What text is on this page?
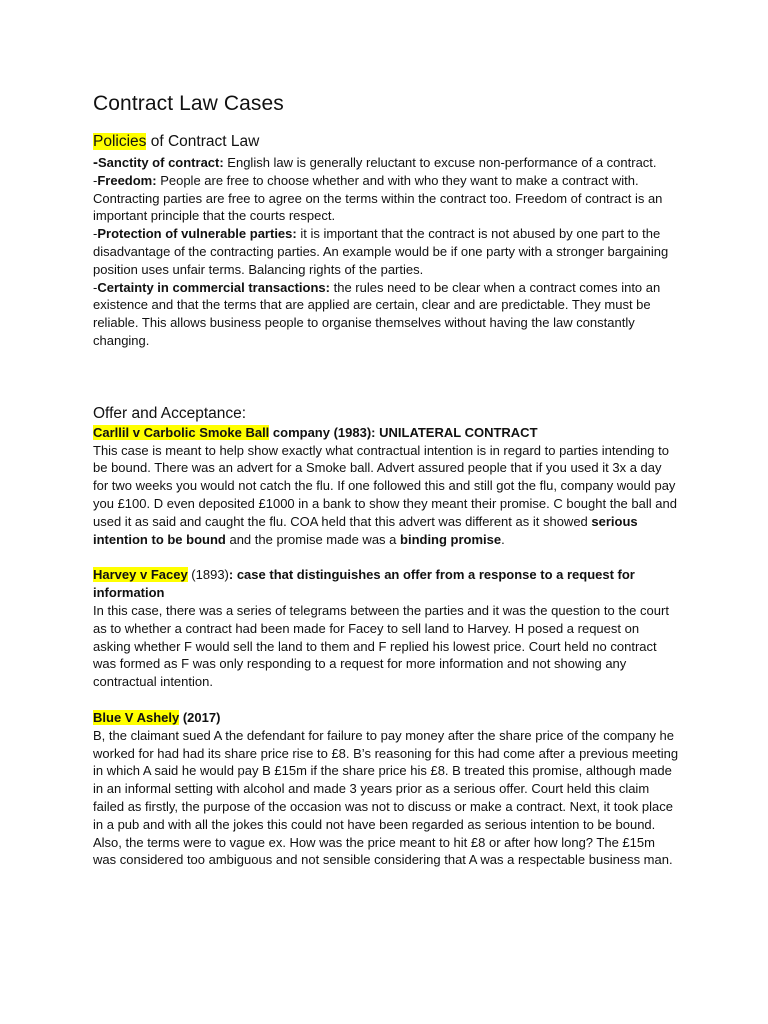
Contract Law Cases
Policies of Contract Law

-Sanctity of contract: English law is generally reluctant to excuse non-performance of a contract.

-Freedom: People are free to choose whether and with who they want to make a contract with. Contracting parties are free to agree on the terms within the contract too. Freedom of contract is an important principle that the courts respect.

-Protection of vulnerable parties: it is important that the contract is not abused by one part to the disadvantage of the contracting parties. An example would be if one party with a stronger bargaining position uses unfair terms. Balancing rights of the parties.

-Certainty in commercial transactions: the rules need to be clear when a contract comes into an existence and that the terms that are applied are certain, clear and are predictable. They must be reliable. This allows business people to organise themselves without having the law constantly changing.

Offer and Acceptance:

Carllil v Carbolic Smoke Ball company (1983): UNILATERAL CONTRACT

This case is meant to help show exactly what contractual intention is in regard to parties intending to be bound. There was an advert for a Smoke ball. Advert assured people that if you used it 3x a day for two weeks you would not catch the flu. If one followed this and still got the flu, company would pay you £100. D even deposited £1000 in a bank to show they meant their promise. C bought the ball and used it as said and caught the flu. COA held that this advert was different as it showed serious intention to be bound and the promise made was a binding promise.

Harvey v Facey (1893): case that distinguishes an offer from a response to a request for information

In this case, there was a series of telegrams between the parties and it was the question to the court as to whether a contract had been made for Facey to sell land to Harvey. H posed a request on asking whether F would sell the land to them and F replied his lowest price. Court held no contract was formed as F was only responding to a request for more information and not showing any contractual intention.

Blue V Ashely (2017)

B, the claimant sued A the defendant for failure to pay money after the share price of the company he worked for had had its share price rise to £8. B’s reasoning for this had come after a previous meeting in which A said he would pay B £15m if the share price his £8. B treated this promise, although made in an informal setting with alcohol and made 3 years prior as a serious offer. Court held this claim failed as firstly, the purpose of the occasion was not to discuss or make a contract. Next, it took place in a pub and with all the jokes this could not have been regarded as serious intention to be bound. Also, the terms were to vague ex. How was the price meant to hit £8 or after how long? The £15m was considered too ambiguous and not sensible considering that A was a respectable business man.
